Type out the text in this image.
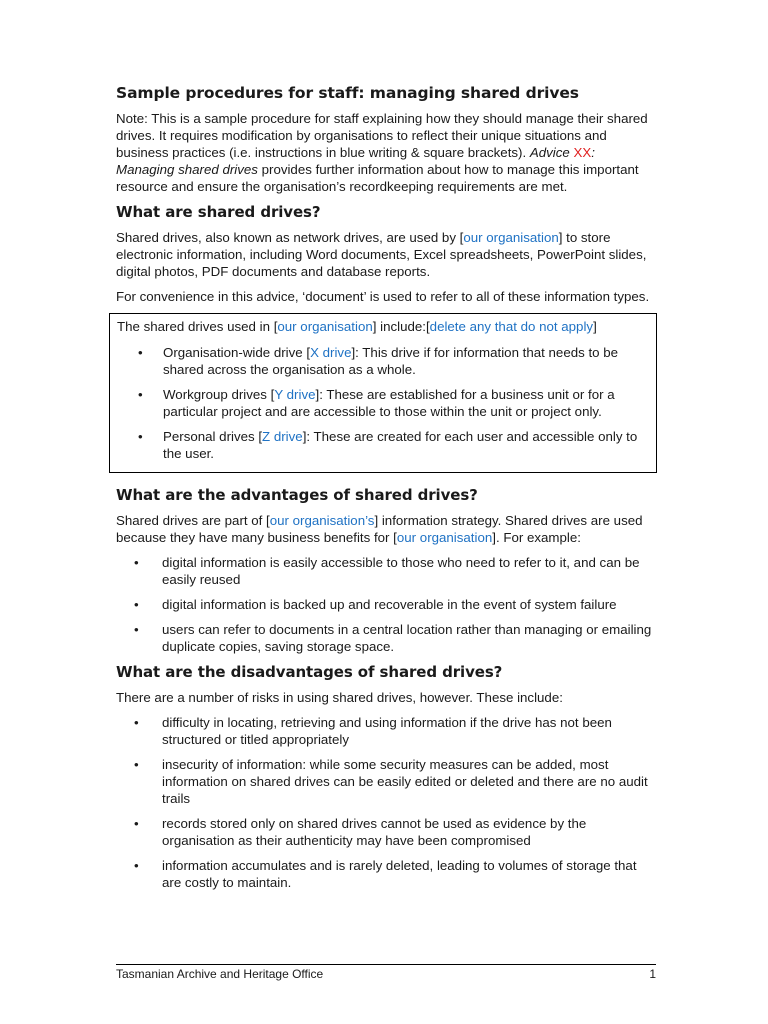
Sample procedures for staff: managing shared drives

Note: This is a sample procedure for staff explaining how they should manage their shared drives. It requires modification by organisations to reflect their unique situations and business practices (i.e. instructions in blue writing & square brackets). Advice XX: Managing shared drives provides further information about how to manage this important resource and ensure the organisation’s recordkeeping requirements are met.

What are shared drives?

Shared drives, also known as network drives, are used by [our organisation] to store electronic information, including Word documents, Excel spreadsheets, PowerPoint slides, digital photos, PDF documents and database reports.

For convenience in this advice, ‘document’ is used to refer to all of these information types.

The shared drives used in [our organisation] include:[delete any that do not apply]

• Organisation-wide drive [X drive]: This drive if for information that needs to be shared across the organisation as a whole.
• Workgroup drives [Y drive]: These are established for a business unit or for a particular project and are accessible to those within the unit or project only.
• Personal drives [Z drive]: These are created for each user and accessible only to the user.
What are the advantages of shared drives?

Shared drives are part of [our organisation’s] information strategy. Shared drives are used because they have many business benefits for [our organisation]. For example:

• digital information is easily accessible to those who need to refer to it, and can be easily reused
• digital information is backed up and recoverable in the event of system failure
• users can refer to documents in a central location rather than managing or emailing duplicate copies, saving storage space.
What are the disadvantages of shared drives?

There are a number of risks in using shared drives, however. These include:

• difficulty in locating, retrieving and using information if the drive has not been structured or titled appropriately
• insecurity of information: while some security measures can be added, most information on shared drives can be easily edited or deleted and there are no audit trails
• records stored only on shared drives cannot be used as evidence by the organisation as their authenticity may have been compromised
• information accumulates and is rarely deleted, leading to volumes of storage that are costly to maintain.
Tasmanian Archive and Heritage Office	1
